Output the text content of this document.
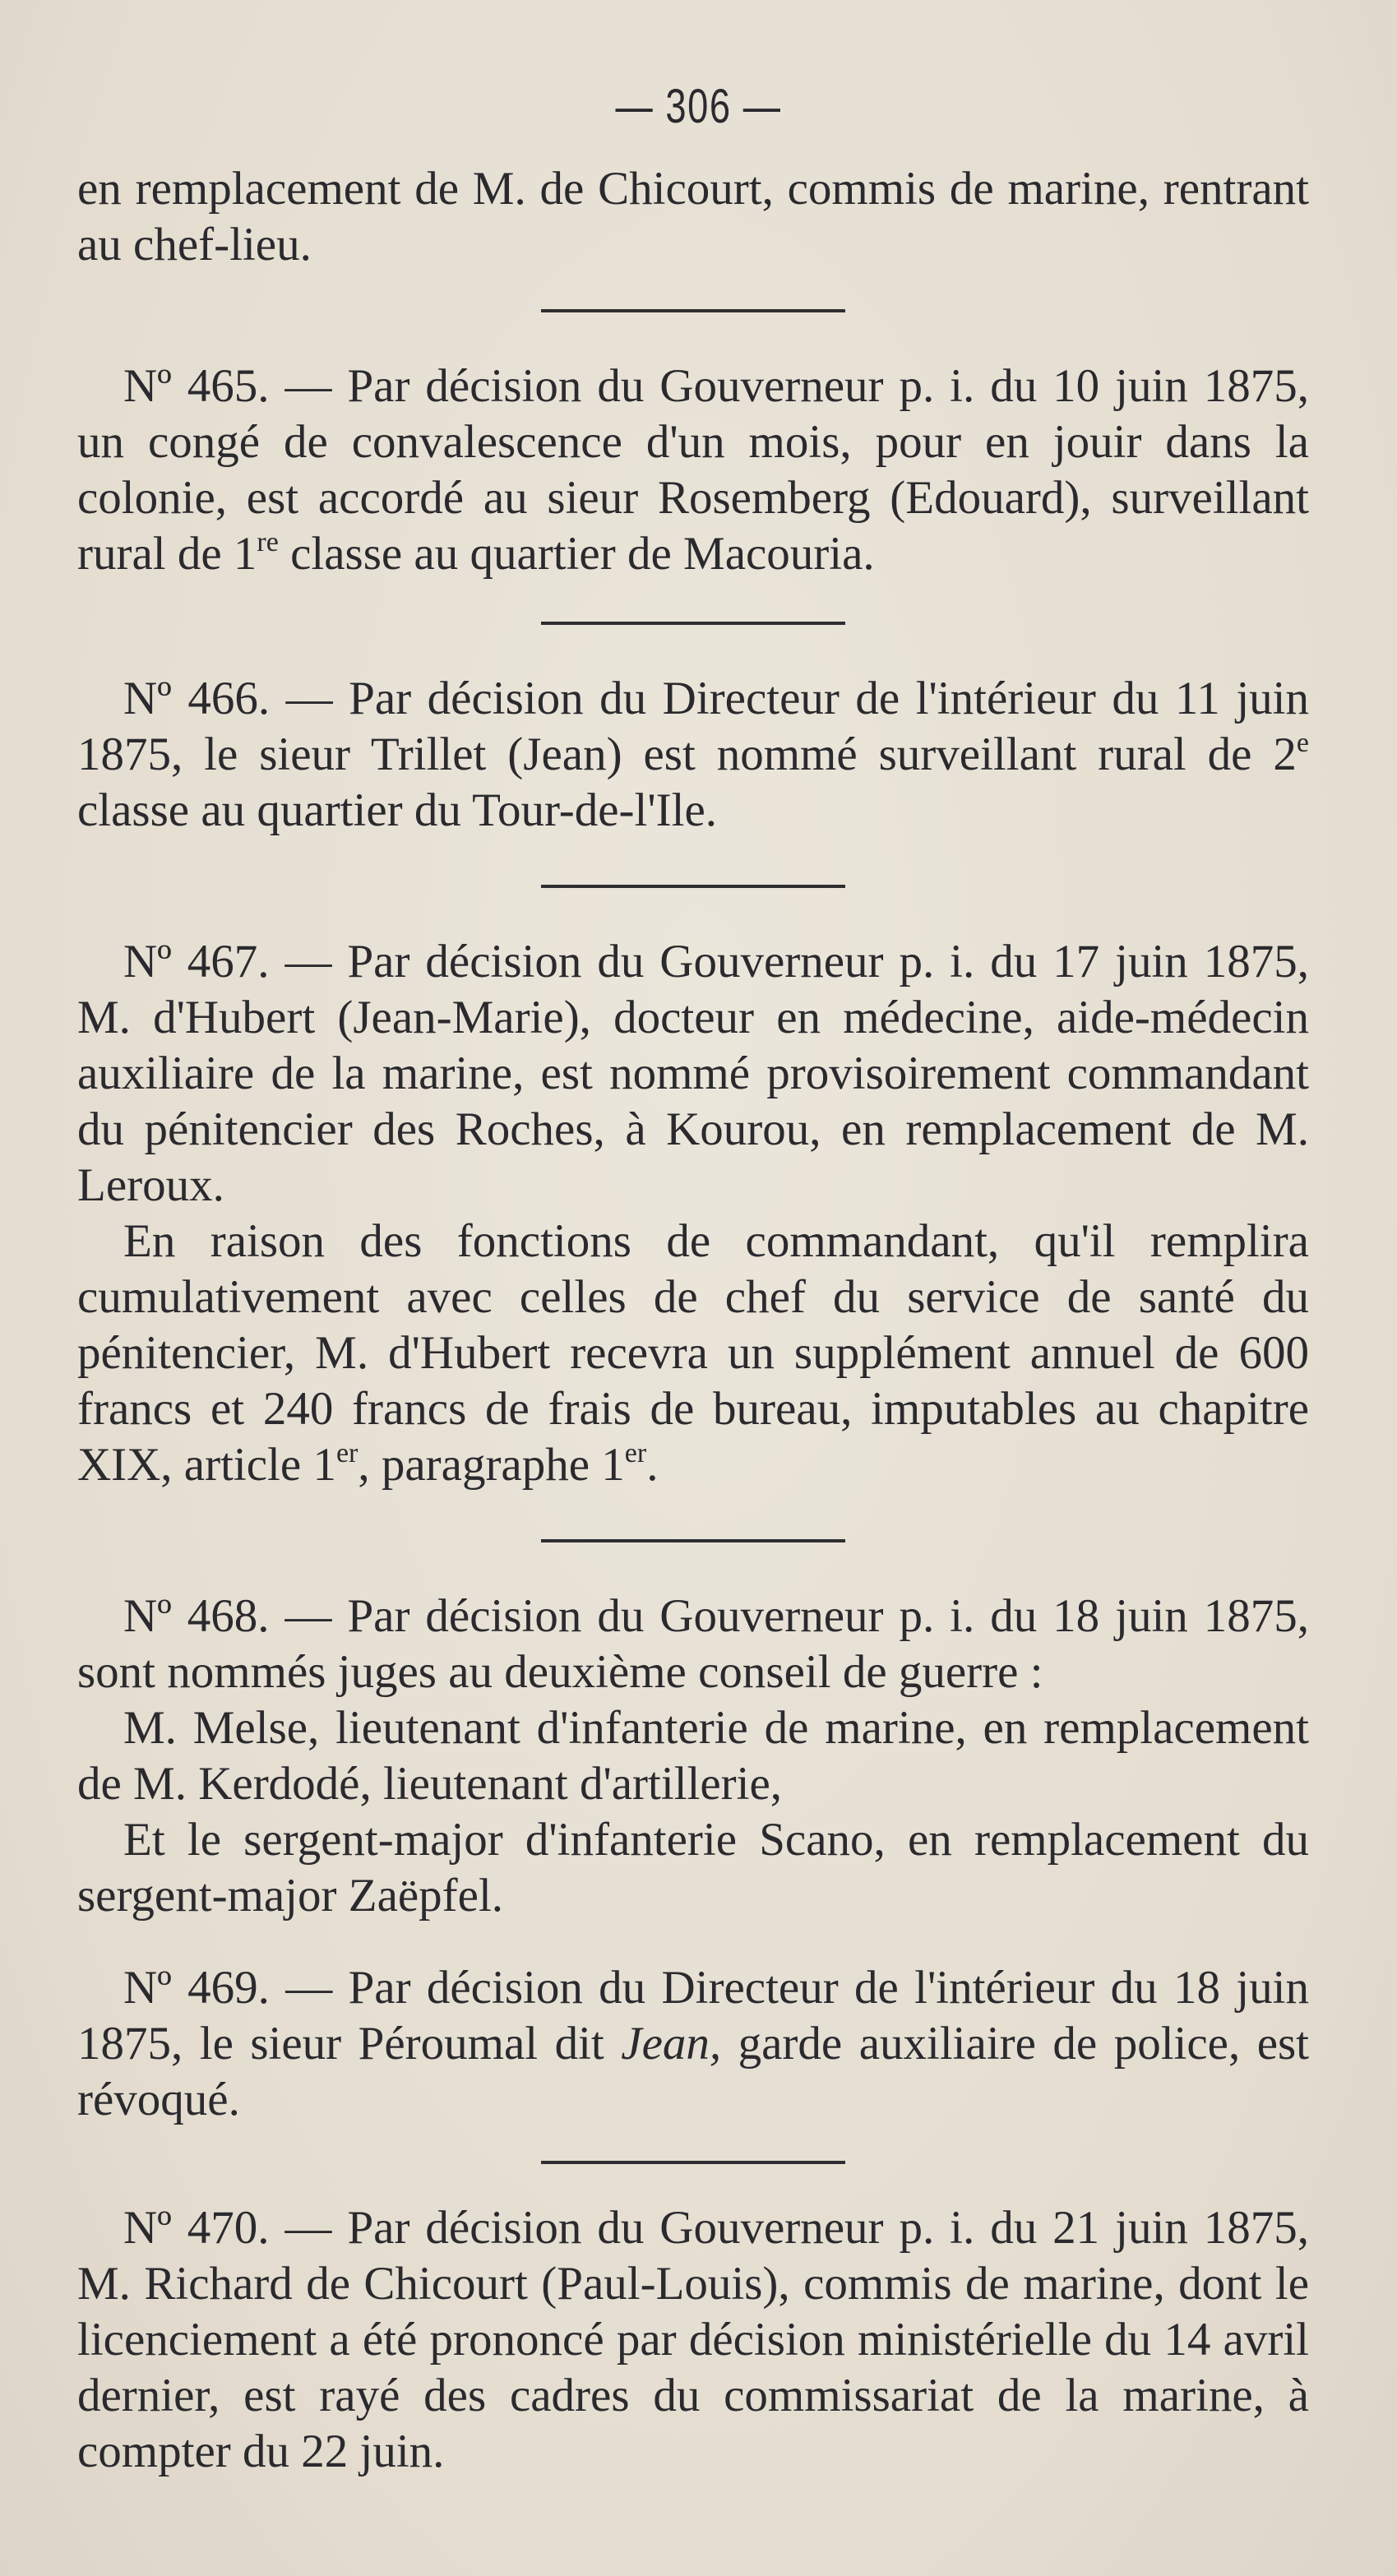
— 306 —

en remplacement de M. de Chicourt, commis de marine, rentrant au chef-lieu.

Nº 465. — Par décision du Gouverneur p. i. du 10 juin 1875, un congé de convalescence d'un mois, pour en jouir dans la colonie, est accordé au sieur Rosemberg (Edouard), surveillant rural de 1re classe au quartier de Macouria.

Nº 466. — Par décision du Directeur de l'intérieur du 11 juin 1875, le sieur Trillet (Jean) est nommé surveillant rural de 2e classe au quartier du Tour-de-l'Ile.

Nº 467. — Par décision du Gouverneur p. i. du 17 juin 1875, M. d'Hubert (Jean-Marie), docteur en médecine, aide-médecin auxiliaire de la marine, est nommé provisoirement commandant du pénitencier des Roches, à Kourou, en remplacement de M. Leroux.

En raison des fonctions de commandant, qu'il remplira cumulativement avec celles de chef du service de santé du pénitencier, M. d'Hubert recevra un supplément annuel de 600 francs et 240 francs de frais de bureau, imputables au chapitre XIX, article 1er, paragraphe 1er.

Nº 468. — Par décision du Gouverneur p. i. du 18 juin 1875, sont nommés juges au deuxième conseil de guerre :

M. Melse, lieutenant d'infanterie de marine, en remplacement de M. Kerdodé, lieutenant d'artillerie,

Et le sergent-major d'infanterie Scano, en remplacement du sergent-major Zaëpfel.

Nº 469. — Par décision du Directeur de l'intérieur du 18 juin 1875, le sieur Péroumal dit Jean, garde auxiliaire de police, est révoqué.

Nº 470. — Par décision du Gouverneur p. i. du 21 juin 1875, M. Richard de Chicourt (Paul-Louis), commis de marine, dont le licenciement a été prononcé par décision ministérielle du 14 avril dernier, est rayé des cadres du commissariat de la marine, à compter du 22 juin.
